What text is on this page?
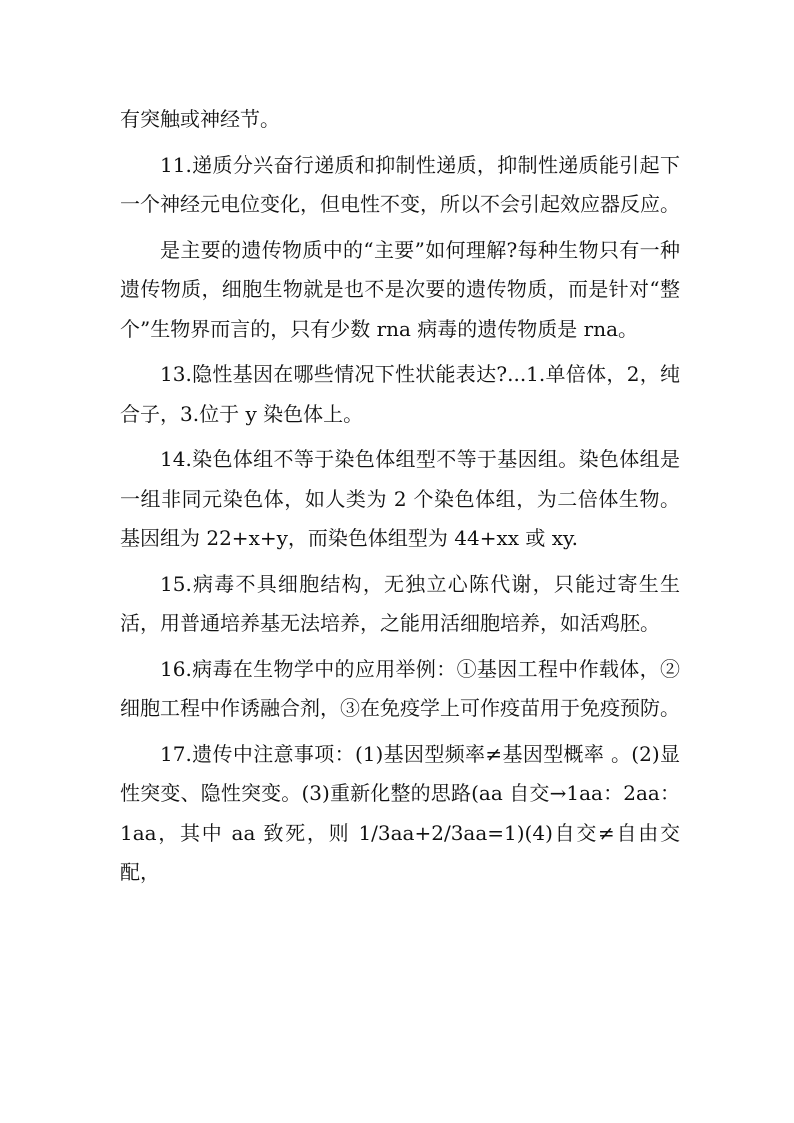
有突触或神经节。

11.递质分兴奋行递质和抑制性递质，抑制性递质能引起下一个神经元电位变化，但电性不变，所以不会引起效应器反应。

是主要的遗传物质中的“主要”如何理解?每种生物只有一种遗传物质，细胞生物就是也不是次要的遗传物质，而是针对“整个”生物界而言的，只有少数 rna 病毒的遗传物质是 rna。

13.隐性基因在哪些情况下性状能表达?...1.单倍体，2，纯合子，3.位于 y 染色体上。

14.染色体组不等于染色体组型不等于基因组。染色体组是一组非同元染色体，如人类为 2 个染色体组，为二倍体生物。基因组为 22+x+y，而染色体组型为 44+xx 或 xy.

15.病毒不具细胞结构，无独立心陈代谢，只能过寄生生活，用普通培养基无法培养，之能用活细胞培养，如活鸡胚。

16.病毒在生物学中的应用举例：①基因工程中作载体，②细胞工程中作诱融合剂，③在免疫学上可作疫苗用于免疫预防。

17.遗传中注意事项：(1)基因型频率≠基因型概率 。(2)显性突变、隐性突变。(3)重新化整的思路(aa 自交→1aa：2aa：1aa，其中 aa 致死，则 1/3aa+2/3aa=1)(4)自交≠自由交配，
